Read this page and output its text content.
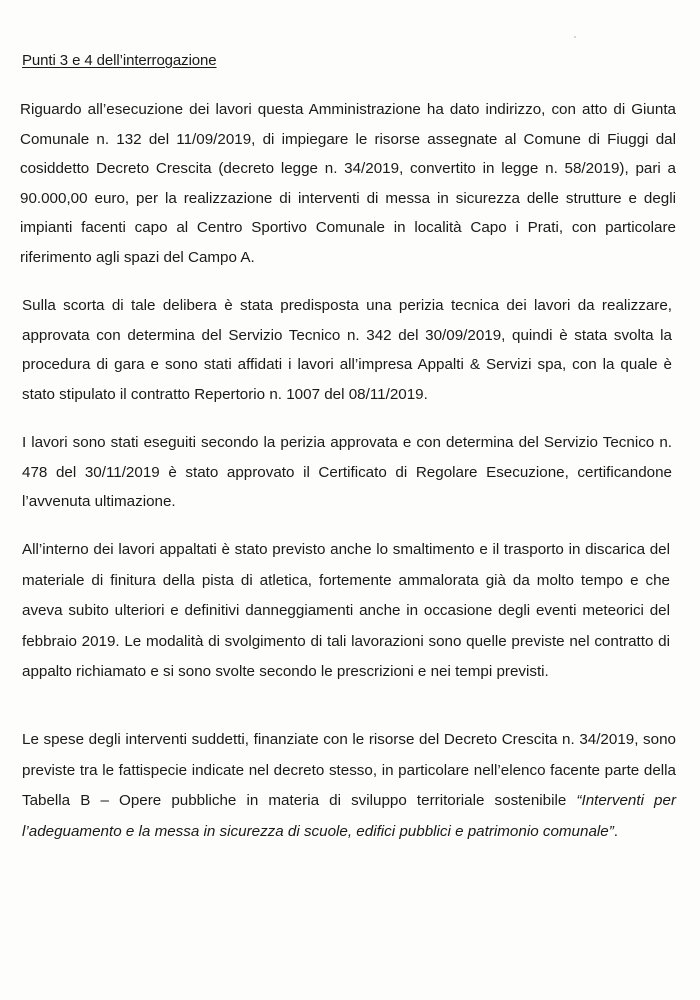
Punti 3 e 4 dell’interrogazione

Riguardo all’esecuzione dei lavori questa Amministrazione ha dato indirizzo, con atto di Giunta Comunale n. 132 del 11/09/2019, di impiegare le risorse assegnate al Comune di Fiuggi dal cosiddetto Decreto Crescita (decreto legge n. 34/2019, convertito in legge n. 58/2019), pari a 90.000,00 euro, per la realizzazione di interventi di messa in sicurezza delle strutture e degli impianti facenti capo al Centro Sportivo Comunale in località Capo i Prati, con particolare riferimento agli spazi del Campo A.

Sulla scorta di tale delibera è stata predisposta una perizia tecnica dei lavori da realizzare, approvata con determina del Servizio Tecnico n. 342 del 30/09/2019, quindi è stata svolta la procedura di gara e sono stati affidati i lavori all’impresa Appalti & Servizi spa, con la quale è stato stipulato il contratto Repertorio n. 1007 del 08/11/2019.

I lavori sono stati eseguiti secondo la perizia approvata e con determina del Servizio Tecnico n. 478 del 30/11/2019 è stato approvato il Certificato di Regolare Esecuzione, certificandone l’avvenuta ultimazione.

All’interno dei lavori appaltati è stato previsto anche lo smaltimento e il trasporto in discarica del materiale di finitura della pista di atletica, fortemente ammalorata già da molto tempo e che aveva subito ulteriori e definitivi danneggiamenti anche in occasione degli eventi meteorici del febbraio 2019. Le modalità di svolgimento di tali lavorazioni sono quelle previste nel contratto di appalto richiamato e si sono svolte secondo le prescrizioni e nei tempi previsti.

Le spese degli interventi suddetti, finanziate con le risorse del Decreto Crescita n. 34/2019, sono previste tra le fattispecie indicate nel decreto stesso, in particolare nell’elenco facente parte della Tabella B – Opere pubbliche in materia di sviluppo territoriale sostenibile “Interventi per l’adeguamento e la messa in sicurezza di scuole, edifici pubblici e patrimonio comunale”.
